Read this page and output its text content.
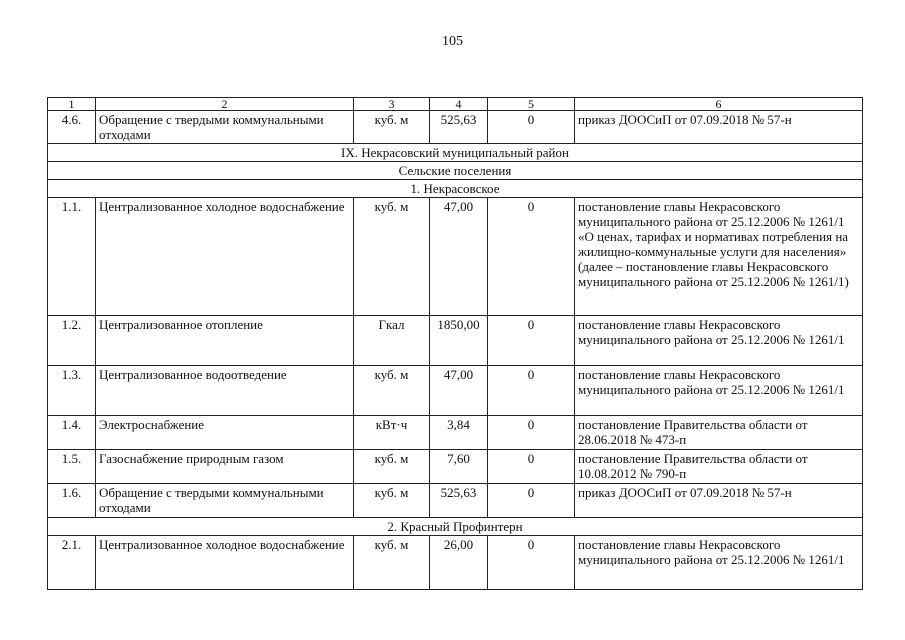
105
1	2	3	4	5	6
4.6.	Обращение с твердыми коммунальными отходами	куб. м	525,63	0	приказ ДООСиП от 07.09.2018 № 57-н
IX. Некрасовский муниципальный район					
Сельские поселения					
1. Некрасовское					
1.1.	Централизованное холодное водоснабжение	куб. м	47,00	0	постановление главы Некрасовского муниципального района от 25.12.2006 № 1261/1 «О ценах, тарифах и нормативах потребления на жилищно-коммунальные услуги для населения» (далее – постановление главы Некрасовского муниципального района от 25.12.2006 № 1261/1)
1.2.	Централизованное отопление	Гкал	1850,00	0	постановление главы Некрасовского муниципального района от 25.12.2006 № 1261/1
1.3.	Централизованное водоотведение	куб. м	47,00	0	постановление главы Некрасовского муниципального района от 25.12.2006 № 1261/1
1.4.	Электроснабжение	кВт·ч	3,84	0	постановление Правительства области от 28.06.2018 № 473-п
1.5.	Газоснабжение природным газом	куб. м	7,60	0	постановление Правительства области от 10.08.2012 № 790-п
1.6.	Обращение с твердыми коммунальными отходами	куб. м	525,63	0	приказ ДООСиП от 07.09.2018 № 57-н
2. Красный Профинтерн					
2.1.	Централизованное холодное водоснабжение	куб. м	26,00	0	постановление главы Некрасовского муниципального района от 25.12.2006 № 1261/1
